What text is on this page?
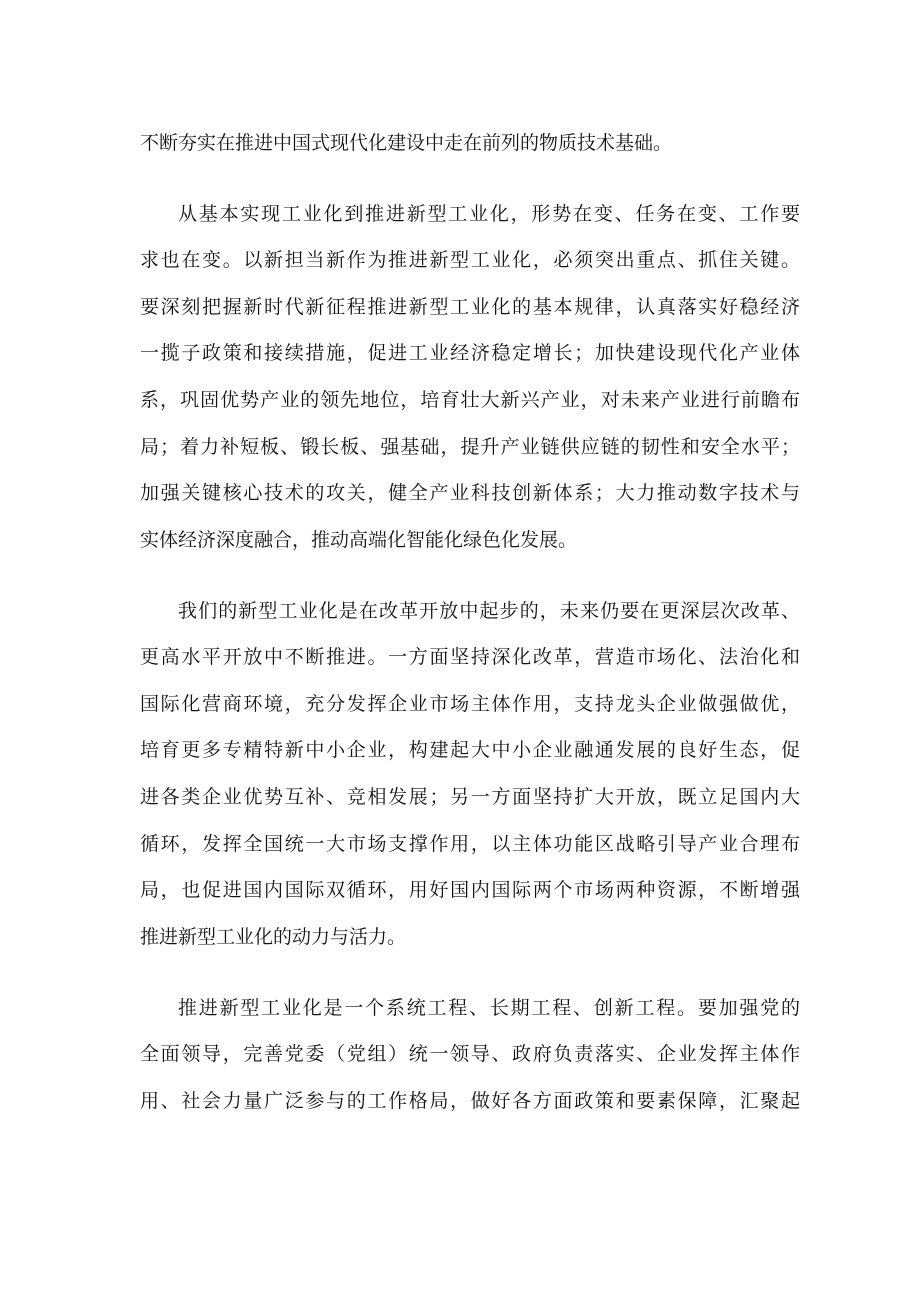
不断夯实在推进中国式现代化建设中走在前列的物质技术基础。
从基本实现工业化到推进新型工业化，形势在变、任务在变、工作要
求也在变。以新担当新作为推进新型工业化，必须突出重点、抓住关键。
要深刻把握新时代新征程推进新型工业化的基本规律，认真落实好稳经济
一揽子政策和接续措施，促进工业经济稳定增长；加快建设现代化产业体
系，巩固优势产业的领先地位，培育壮大新兴产业，对未来产业进行前瞻布
局；着力补短板、锻长板、强基础，提升产业链供应链的韧性和安全水平；
加强关键核心技术的攻关，健全产业科技创新体系；大力推动数字技术与
实体经济深度融合，推动高端化智能化绿色化发展。
我们的新型工业化是在改革开放中起步的，未来仍要在更深层次改革、
更高水平开放中不断推进。一方面坚持深化改革，营造市场化、法治化和
国际化营商环境，充分发挥企业市场主体作用，支持龙头企业做强做优，
培育更多专精特新中小企业，构建起大中小企业融通发展的良好生态，促
进各类企业优势互补、竞相发展；另一方面坚持扩大开放，既立足国内大
循环，发挥全国统一大市场支撑作用，以主体功能区战略引导产业合理布
局，也促进国内国际双循环，用好国内国际两个市场两种资源，不断增强
推进新型工业化的动力与活力。
推进新型工业化是一个系统工程、长期工程、创新工程。要加强党的
全面领导，完善党委（党组）统一领导、政府负责落实、企业发挥主体作
用、社会力量广泛参与的工作格局，做好各方面政策和要素保障，汇聚起
